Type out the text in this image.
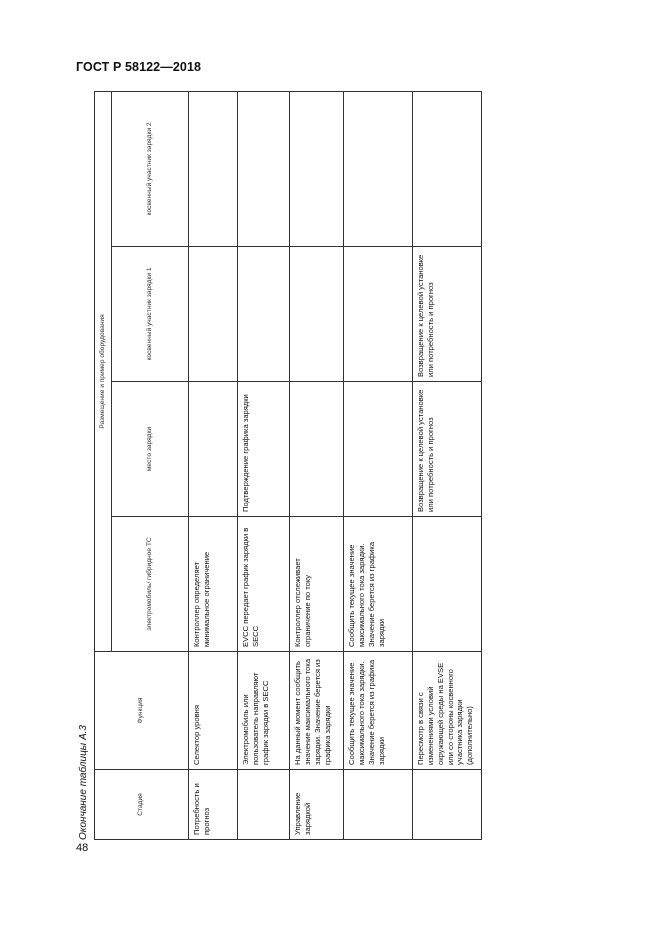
ГОСТ Р 58122—2018
Окончание таблицы А.3	Стадия	Функция	Размещение и пример оборудования			
		электромобиль/ гибридное ТС	место зарядки	косвенный участник зарядки 1	косвенный участник зарядки 2
Потребность и прогноз	Селектор уровня	Контроллер определяет минимальное ограничение			
	Электромобиль или пользователь направляют график зарядки в SECC	EVCC передает график зарядки в SECC	Подтверждение графика зарядки		
Управление зарядкой	На данный момент сообщить значение максимального тока зарядки. Значение берется из графика зарядки	Контроллер отслеживает ограничение по току			
	Сообщить текущее значение максимального тока зарядки. Значение берется из графика зарядки	Сообщить текущее значение максимального тока зарядки. Значение берется из графика зарядки			
	Пересмотр в связи с изменениями условий окружающей среды на EVSE или со стороны косвенного участника зарядки (дополнительно)		Возвращение к целевой установке или потребность и прогноз	Возвращение к целевой установке или потребность и прогноз	
48
